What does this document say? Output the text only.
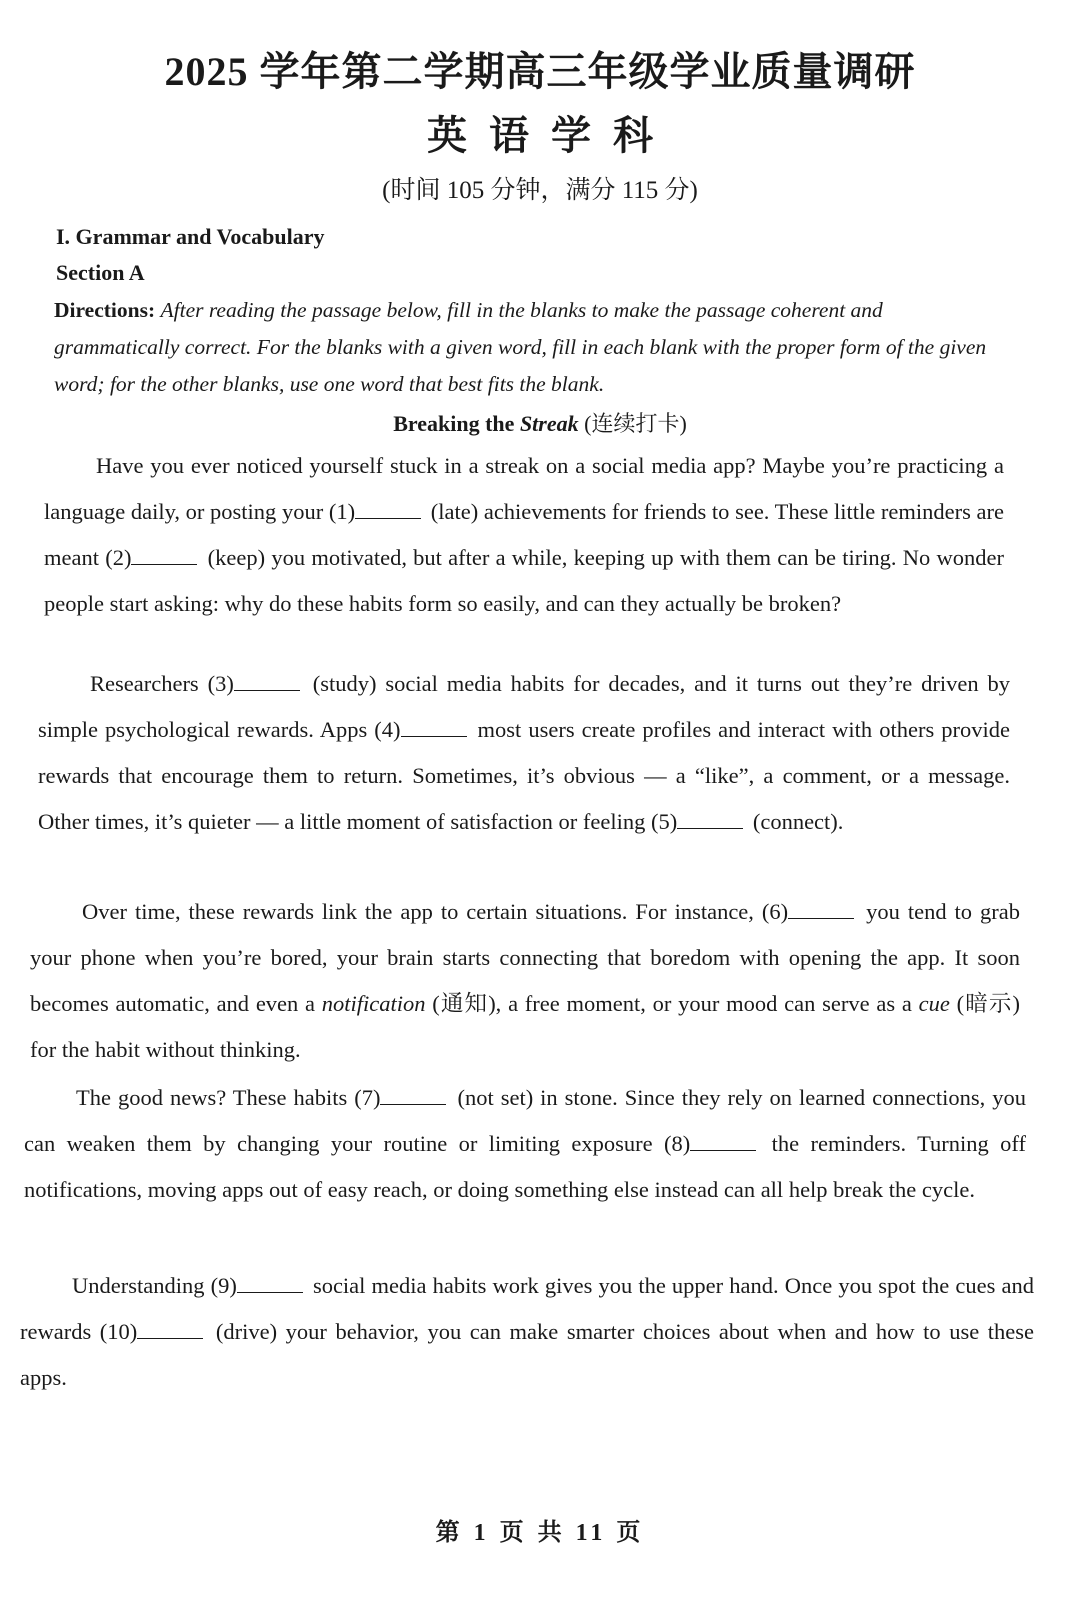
2025 学年第二学期高三年级学业质量调研
英语学科
(时间 105 分钟，满分 115 分)
I. Grammar and Vocabulary
Section A
Directions: After reading the passage below, fill in the blanks to make the passage coherent and grammatically correct. For the blanks with a given word, fill in each blank with the proper form of the given word; for the other blanks, use one word that best fits the blank.
Breaking the Streak (连续打卡)

Have you ever noticed yourself stuck in a streak on a social media app? Maybe you’re practicing a language daily, or posting your (1)	(late) achievements for friends to see. These little reminders are meant (2)	(keep) you motivated, but after a while, keeping up with them can be tiring. No wonder people start asking: why do these habits form so easily, and can they actually be broken?

Researchers (3)	(study) social media habits for decades, and it turns out they’re driven by simple psychological rewards. Apps (4)	most users create profiles and interact with others provide rewards that encourage them to return. Sometimes, it’s obvious — a “like”, a comment, or a message. Other times, it’s quieter — a little moment of satisfaction or feeling (5)	(connect).

Over time, these rewards link the app to certain situations. For instance, (6)	you tend to grab your phone when you’re bored, your brain starts connecting that boredom with opening the app. It soon becomes automatic, and even a notification (通知), a free moment, or your mood can serve as a cue (暗示) for the habit without thinking.

The good news? These habits (7)	(not set) in stone. Since they rely on learned connections, you can weaken them by changing your routine or limiting exposure (8)	the reminders. Turning off notifications, moving apps out of easy reach, or doing something else instead can all help break the cycle.

Understanding (9)	social media habits work gives you the upper hand. Once you spot the cues and rewards (10)	(drive) your behavior, you can make smarter choices about when and how to use these apps.

第 1 页 共 11 页
